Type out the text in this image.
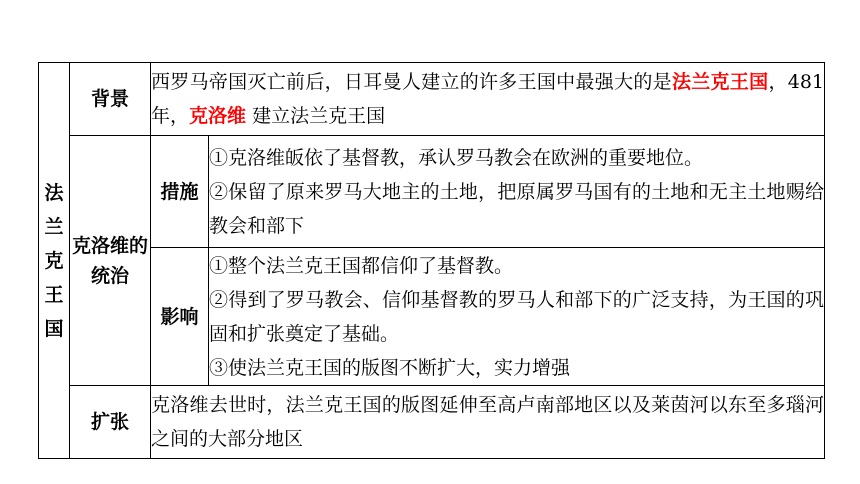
法兰克王国	背景	西罗马帝国灭亡前后，日耳曼人建立的许多王国中最强大的是法兰克王国，481年，克洛维 建立法兰克王国	
	克洛维的统治	措施	①克洛维皈依了基督教，承认罗马教会在欧洲的重要地位。
②保留了原来罗马大地主的土地，把原属罗马国有的土地和无主土地赐给教会和部下

		影响	①整个法兰克王国都信仰了基督教。
②得到了罗马教会、信仰基督教的罗马人和部下的广泛支持，为王国的巩固和扩张奠定了基础。
③使法兰克王国的版图不断扩大，实力增强

	扩张	克洛维去世时，法兰克王国的版图延伸至高卢南部地区以及莱茵河以东至多瑙河之间的大部分地区	
